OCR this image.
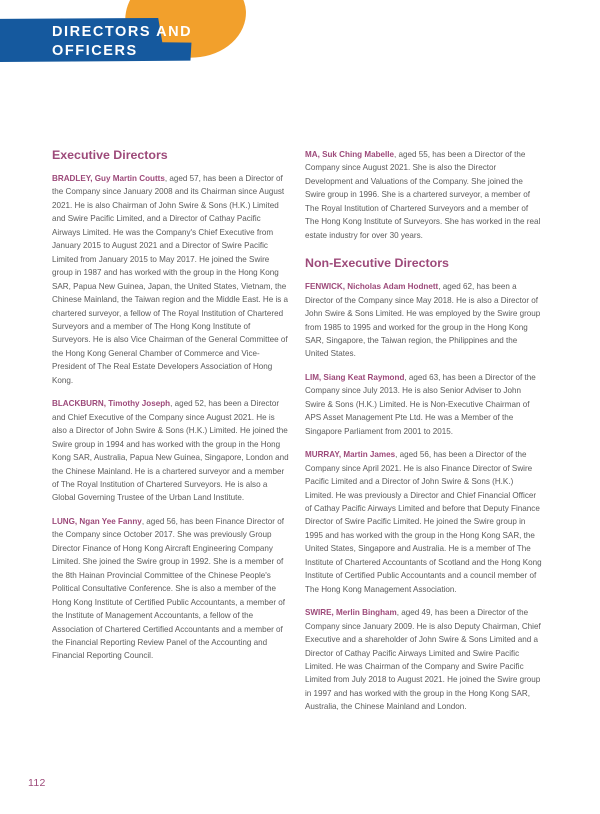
DIRECTORS AND OFFICERS
Executive Directors

BRADLEY, Guy Martin Coutts, aged 57, has been a Director of the Company since January 2008 and its Chairman since August 2021. He is also Chairman of John Swire & Sons (H.K.) Limited and Swire Pacific Limited, and a Director of Cathay Pacific Airways Limited. He was the Company's Chief Executive from January 2015 to August 2021 and a Director of Swire Pacific Limited from January 2015 to May 2017. He joined the Swire group in 1987 and has worked with the group in the Hong Kong SAR, Papua New Guinea, Japan, the United States, Vietnam, the Chinese Mainland, the Taiwan region and the Middle East. He is a chartered surveyor, a fellow of The Royal Institution of Chartered Surveyors and a member of The Hong Kong Institute of Surveyors. He is also Vice Chairman of the General Committee of the Hong Kong General Chamber of Commerce and Vice-President of The Real Estate Developers Association of Hong Kong.

BLACKBURN, Timothy Joseph, aged 52, has been a Director and Chief Executive of the Company since August 2021. He is also a Director of John Swire & Sons (H.K.) Limited. He joined the Swire group in 1994 and has worked with the group in the Hong Kong SAR, Australia, Papua New Guinea, Singapore, London and the Chinese Mainland. He is a chartered surveyor and a member of The Royal Institution of Chartered Surveyors. He is also a Global Governing Trustee of the Urban Land Institute.

LUNG, Ngan Yee Fanny, aged 56, has been Finance Director of the Company since October 2017. She was previously Group Director Finance of Hong Kong Aircraft Engineering Company Limited. She joined the Swire group in 1992. She is a member of the 8th Hainan Provincial Committee of the Chinese People's Political Consultative Conference. She is also a member of the Hong Kong Institute of Certified Public Accountants, a member of the Institute of Management Accountants, a fellow of the Association of Chartered Certified Accountants and a member of the Financial Reporting Review Panel of the Accounting and Financial Reporting Council.

MA, Suk Ching Mabelle, aged 55, has been a Director of the Company since August 2021. She is also the Director Development and Valuations of the Company. She joined the Swire group in 1996. She is a chartered surveyor, a member of The Royal Institution of Chartered Surveyors and a member of The Hong Kong Institute of Surveyors. She has worked in the real estate industry for over 30 years.

Non-Executive Directors

FENWICK, Nicholas Adam Hodnett, aged 62, has been a Director of the Company since May 2018. He is also a Director of John Swire & Sons Limited. He was employed by the Swire group from 1985 to 1995 and worked for the group in the Hong Kong SAR, Singapore, the Taiwan region, the Philippines and the United States.

LIM, Siang Keat Raymond, aged 63, has been a Director of the Company since July 2013. He is also Senior Adviser to John Swire & Sons (H.K.) Limited. He is Non-Executive Chairman of APS Asset Management Pte Ltd. He was a Member of the Singapore Parliament from 2001 to 2015.

MURRAY, Martin James, aged 56, has been a Director of the Company since April 2021. He is also Finance Director of Swire Pacific Limited and a Director of John Swire & Sons (H.K.) Limited. He was previously a Director and Chief Financial Officer of Cathay Pacific Airways Limited and before that Deputy Finance Director of Swire Pacific Limited. He joined the Swire group in 1995 and has worked with the group in the Hong Kong SAR, the United States, Singapore and Australia. He is a member of The Institute of Chartered Accountants of Scotland and the Hong Kong Institute of Certified Public Accountants and a council member of The Hong Kong Management Association.

SWIRE, Merlin Bingham, aged 49, has been a Director of the Company since January 2009. He is also Deputy Chairman, Chief Executive and a shareholder of John Swire & Sons Limited and a Director of Cathay Pacific Airways Limited and Swire Pacific Limited. He was Chairman of the Company and Swire Pacific Limited from July 2018 to August 2021. He joined the Swire group in 1997 and has worked with the group in the Hong Kong SAR, Australia, the Chinese Mainland and London.

112
